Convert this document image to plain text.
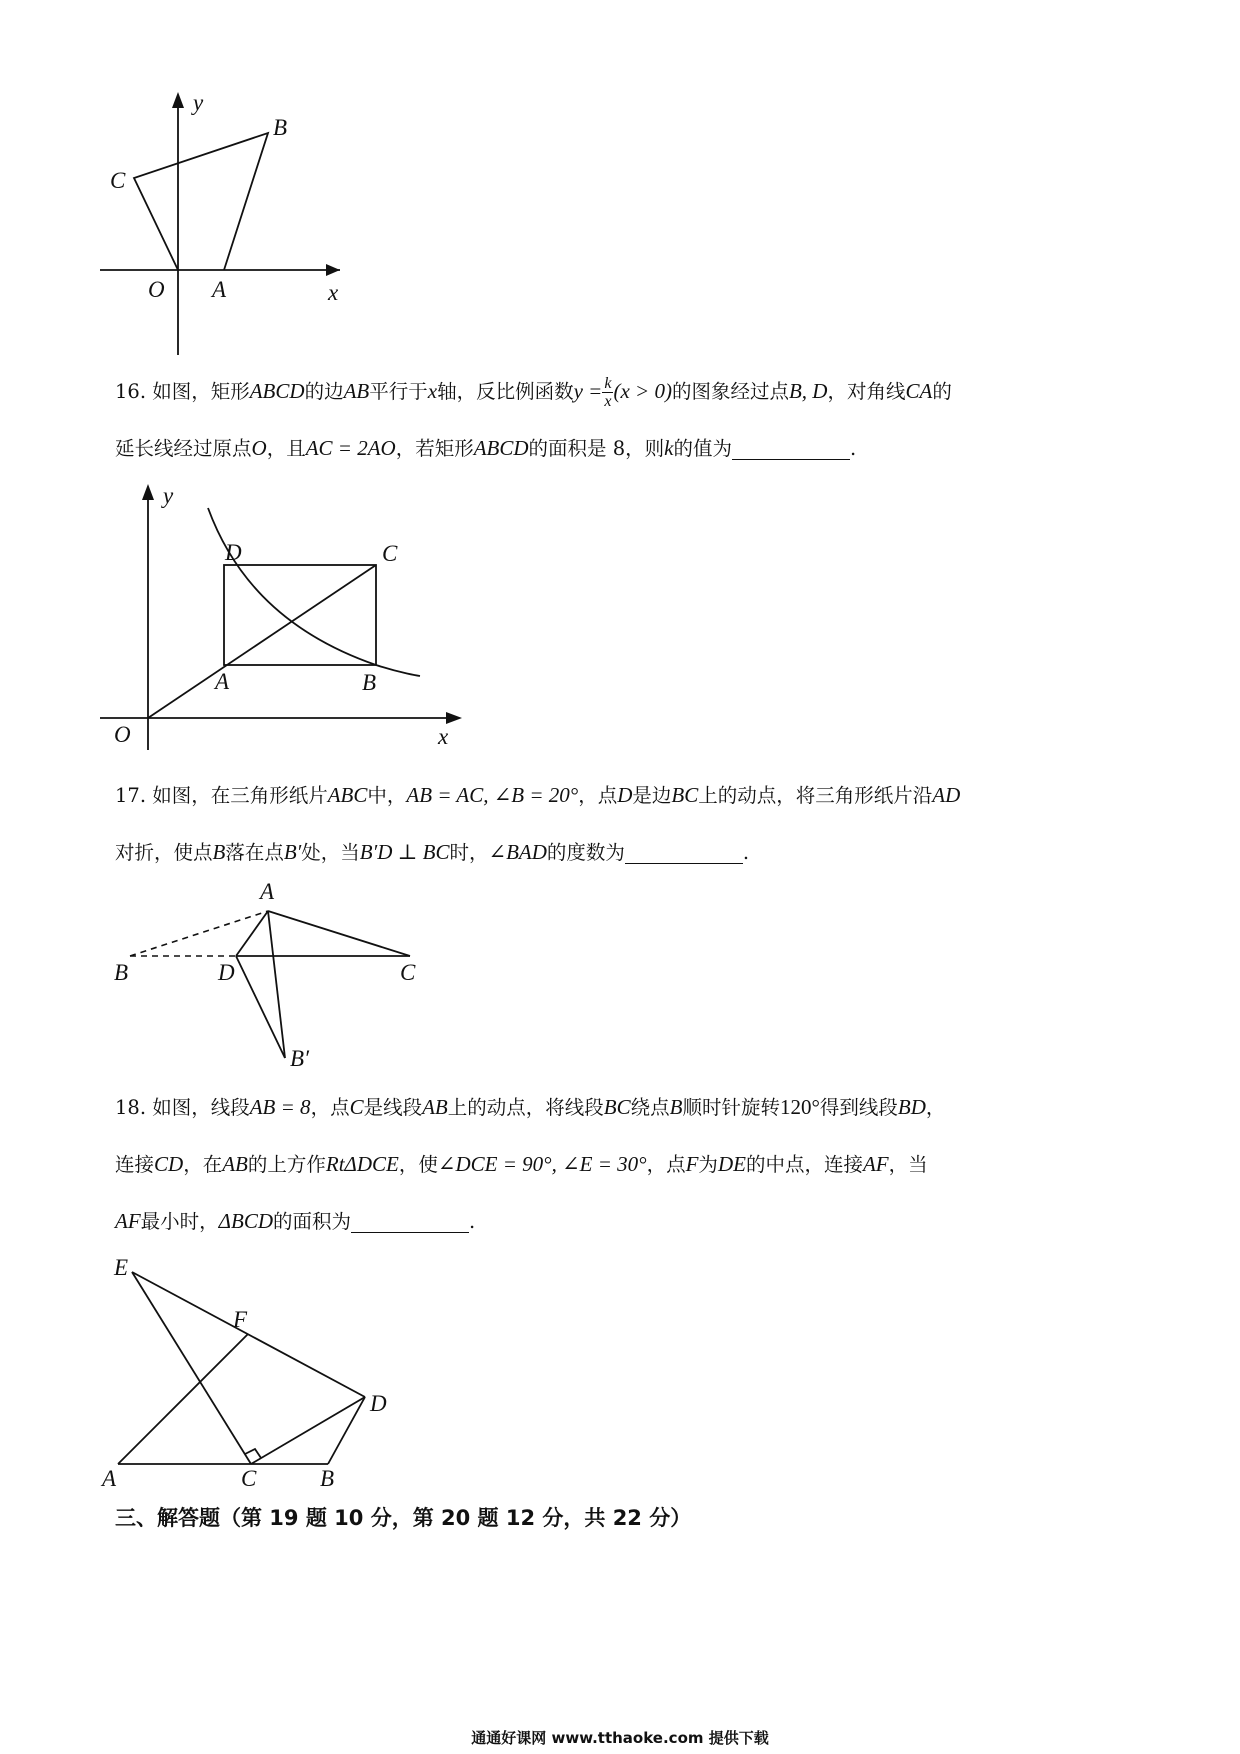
y
B
C
O A	x

16. 如图，矩形ABCD的边AB平行于x轴，反比例函数$y = \frac{k}{x} (x > 0)$的图象经过点B, D，对角线CA的

延长线经过原点O，且AC = 2AO，若矩形ABCD的面积是 8，则k的值为	.

y
D	C
A	B
O	x

17. 如图，在三角形纸片ABC中，AB = AC, ∠B = 20°，点D是边BC上的动点，将三角形纸片沿AD

对折，使点B落在点B′处，当B′D ⊥ BC时，∠BAD的度数为	.

A
B	D	C
B′

18. 如图，线段AB = 8，点C是线段AB上的动点，将线段BC绕点B顺时针旋转120°得到线段BD，

连接CD，在AB的上方作RtΔDCE，使∠DCE = 90°, ∠E = 30°，点F为DE的中点，连接AF，当

AF最小时，ΔBCD的面积为	.

E
F
D
A	C	B
三、解答题（第 19 题 10 分，第 20 题 12 分，共 22 分）
通通好课网 www.tthaoke.com 提供下载
